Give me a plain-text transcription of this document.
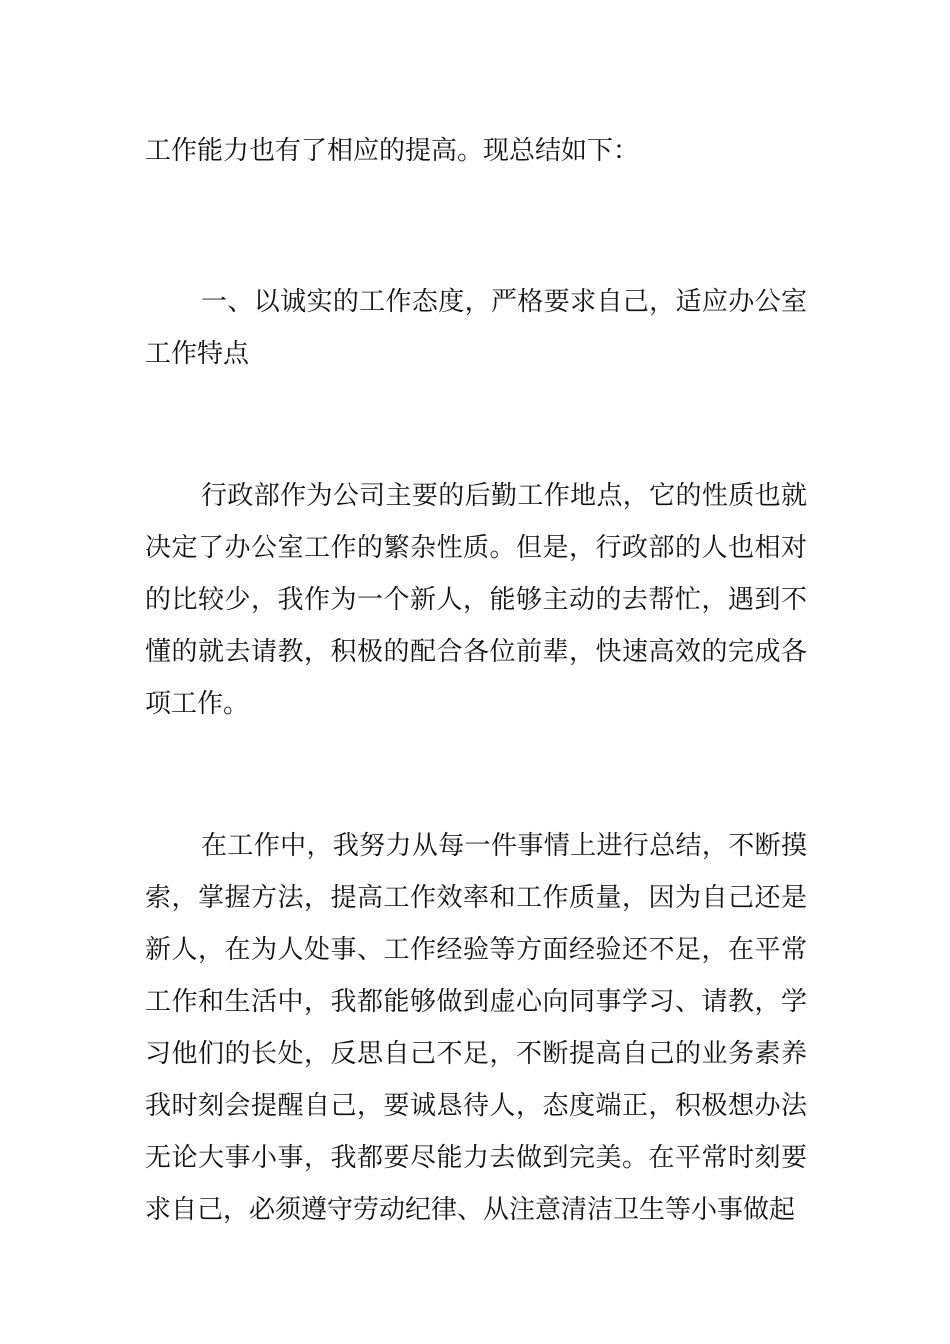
工作能力也有了相应的提高。现总结如下：

一、以诚实的工作态度，严格要求自己，适应办公室工作特点

行政部作为公司主要的后勤工作地点，它的性质也就决定了办公室工作的繁杂性质。但是，行政部的人也相对的比较少，我作为一个新人，能够主动的去帮忙，遇到不懂的就去请教，积极的配合各位前辈，快速高效的完成各项工作。

在工作中，我努力从每一件事情上进行总结，不断摸索，掌握方法，提高工作效率和工作质量，因为自己还是新人，在为人处事、工作经验等方面经验还不足，在平常工作和生活中，我都能够做到虚心向同事学习、请教，学习他们的长处，反思自己不足，不断提高自己的业务素养我时刻会提醒自己，要诚恳待人，态度端正，积极想办法无论大事小事，我都要尽能力去做到完美。在平常时刻要求自己，必须遵守劳动纪律、从注意清洁卫生等小事做起
